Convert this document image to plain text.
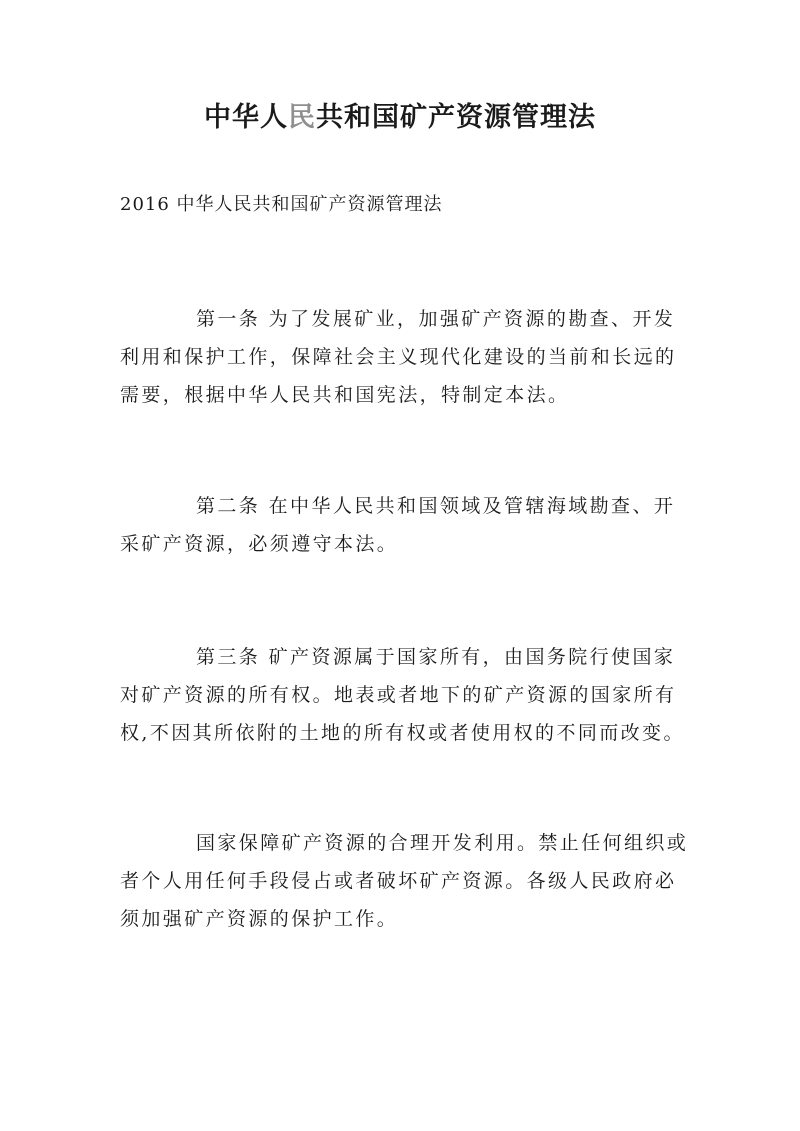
中华人民共和国矿产资源管理法

2016 中华人民共和国矿产资源管理法

第一条 为了发展矿业，加强矿产资源的勘查、开发
利用和保护工作，保障社会主义现代化建设的当前和长远的
需要，根据中华人民共和国宪法，特制定本法。

第二条 在中华人民共和国领域及管辖海域勘查、开
采矿产资源，必须遵守本法。

第三条 矿产资源属于国家所有，由国务院行使国家
对矿产资源的所有权。地表或者地下的矿产资源的国家所有
权,不因其所依附的土地的所有权或者使用权的不同而改变。

国家保障矿产资源的合理开发利用。禁止任何组织或
者个人用任何手段侵占或者破坏矿产资源。各级人民政府必
须加强矿产资源的保护工作。
